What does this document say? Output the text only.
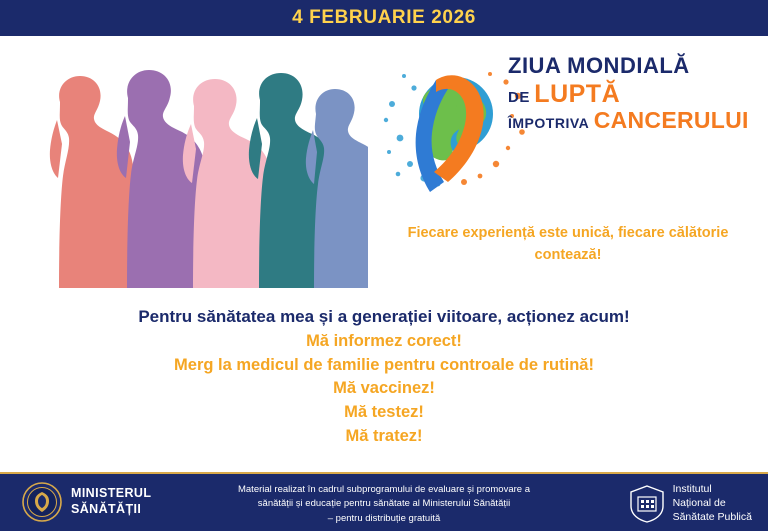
4 FEBRUARIE 2026
ZIUA MONDIALĂ
DE LUPTĂ
ÎMPOTRIVA CANCERULUI
Fiecare experiență este unică, fiecare călătorie contează!
Pentru sănătatea mea și a generației viitoare, acționez acum!
Mă informez corect!
Merg la medicul de familie pentru controale de rutină!
Mă vaccinez!
Mă testez!
Mă tratez!
MINISTERUL
SĂNĂTĂȚII
Material realizat în cadrul subprogramului de evaluare și promovare a
sănătății și educație pentru sănătate al Ministerului Sănătății
– pentru distribuție gratuită
Institutul
Național de
Sănătate Publică
